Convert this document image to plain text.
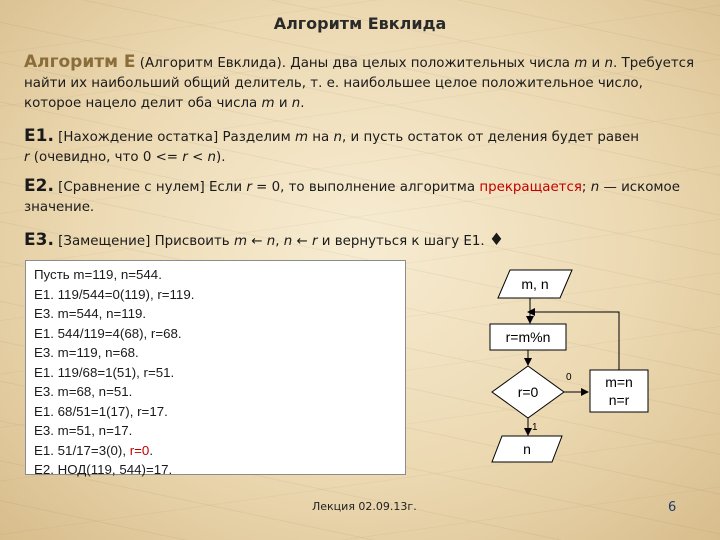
Алгоритм Евклида
Алгоритм Е (Алгоритм Евклида). Даны два целых положительных числа m и n. Требуется найти их наибольший общий делитель, т. е. наибольшее целое положительное число, которое нацело делит оба числа m и n.
E1. [Нахождение остатка] Разделим m на n, и пусть остаток от деления будет равен
r (очевидно, что 0 <= r < n).
E2. [Сравнение с нулем] Если r = 0, то выполнение алгоритма прекращается; n — искомое значение.
E3. [Замещение] Присвоить m ← n, n ← r и вернуться к шагу Е1. ♦
Пусть m=119, n=544.
Е1. 119/544=0(119), r=119.
Е3. m=544, n=119.
Е1. 544/119=4(68), r=68.
Е3. m=119, n=68.
Е1. 119/68=1(51), r=51.
Е3. m=68, n=51.
Е1. 68/51=1(17), r=17.
Е3. m=51, n=17.
Е1. 51/17=3(0), r=0.
Е2. НОД(119, 544)=17.
m, n
r=m%n
r=0
0 m=n
n=r
1
n
Лекция 02.09.13г.	6
